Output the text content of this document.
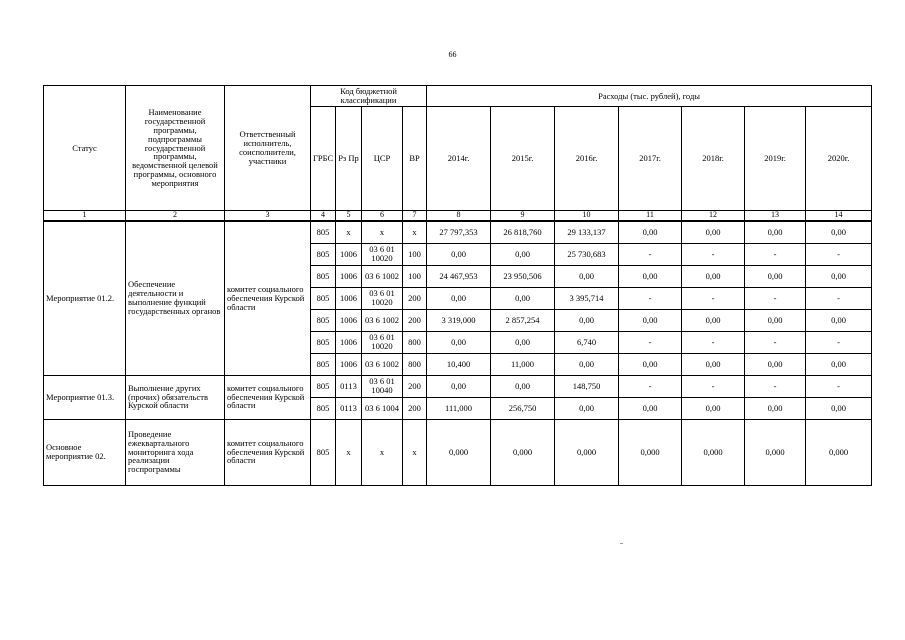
66
Статус	Наименование государственной программы, подпрограммы государственной программы, ведомственной целевой программы, основного мероприятия	Ответственный исполнитель, соисполнители, участники	Код бюджетной классификации				Расходы (тыс. рублей), годы						
			ГРБС	Рз Пр	ЦСР	ВР	2014г.	2015г.	2016г.	2017г.	2018г.	2019г.	2020г.
1	2	3	4	5	6	7	8	9	10	11	12	13	14
Мероприятие 01.2.	Обеспечение деятельности и выполнение функций государственных органов	комитет социального обеспечения Курской области	805	х	х	х	27 797,353	26 818,760	29 133,137	0,00	0,00	0,00	0,00
			805	1006	03 6 01 10020	100	0,00	0,00	25 730,683	-	-	-	-
			805	1006	03 6 1002	100	24 467,953	23 950,506	0,00	0,00	0,00	0,00	0,00
			805	1006	03 6 01 10020	200	0,00	0,00	3 395,714	-	-	-	-
			805	1006	03 6 1002	200	3 319,000	2 857,254	0,00	0,00	0,00	0,00	0,00
			805	1006	03 6 01 10020	800	0,00	0,00	6,740	-	-	-	-
			805	1006	03 6 1002	800	10,400	11,000	0,00	0,00	0,00	0,00	0,00
Мероприятие 01.3.	Выполнение других (прочих) обязательств Курской области	комитет социального обеспечения Курской области	805	0113	03 6 01 10040	200	0,00	0,00	148,750	-	-	-	-
			805	0113	03 6 1004	200	111,000	256,750	0,00	0,00	0,00	0,00	0,00
Основное мероприятие 02.	Проведение ежеквартального мониторинга хода реализации госпрограммы	комитет социального обеспечения Курской области	805	х	х	х	0,000	0,000	0,000	0,000	0,000	0,000	0,000
